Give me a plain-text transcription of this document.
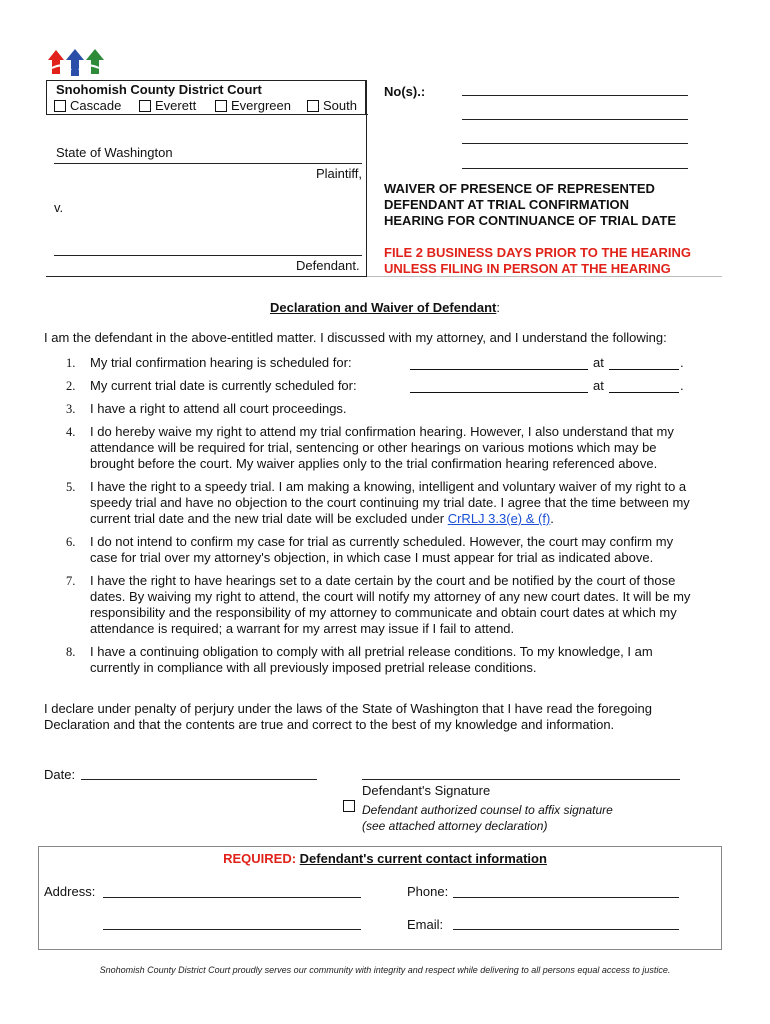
Snohomish County District Court
Cascade	Everett	Evergreen South
No(s).:
State of Washington
Plaintiff,
v.
Defendant.
WAIVER OF PRESENCE OF REPRESENTED
DEFENDANT AT TRIAL CONFIRMATION
HEARING FOR CONTINUANCE OF TRIAL DATE
FILE 2 BUSINESS DAYS PRIOR TO THE HEARING
UNLESS FILING IN PERSON AT THE HEARING
Declaration and Waiver of Defendant:
I am the defendant in the above-entitled matter. I discussed with my attorney, and I understand the following:
1. My trial confirmation hearing is scheduled for:	at	.
2. My current trial date is currently scheduled for:	at	.
3. I have a right to attend all court proceedings.
4. I do hereby waive my right to attend my trial confirmation hearing. However, I also understand that my attendance will be required for trial, sentencing or other hearings on various motions which may be brought before the court. My waiver applies only to the trial confirmation hearing referenced above.
5. I have the right to a speedy trial. I am making a knowing, intelligent and voluntary waiver of my right to a speedy trial and have no objection to the court continuing my trial date. I agree that the time between my current trial date and the new trial date will be excluded under CrRLJ 3.3(e) & (f).
6. I do not intend to confirm my case for trial as currently scheduled. However, the court may confirm my case for trial over my attorney's objection, in which case I must appear for trial as indicated above.
7. I have the right to have hearings set to a date certain by the court and be notified by the court of those dates. By waiving my right to attend, the court will notify my attorney of any new court dates. It will be my responsibility and the responsibility of my attorney to communicate and obtain court dates at which my attendance is required; a warrant for my arrest may issue if I fail to attend.
8. I have a continuing obligation to comply with all pretrial release conditions. To my knowledge, I am currently in compliance with all previously imposed pretrial release conditions.
I declare under penalty of perjury under the laws of the State of Washington that I have read the foregoing Declaration and that the contents are true and correct to the best of my knowledge and information.
Date:
Defendant's Signature
Defendant authorized counsel to affix signature
(see attached attorney declaration)
REQUIRED: Defendant's current contact information
Address:	Phone:
Email:
Snohomish County District Court proudly serves our community with integrity and respect while delivering to all persons equal access to justice.
